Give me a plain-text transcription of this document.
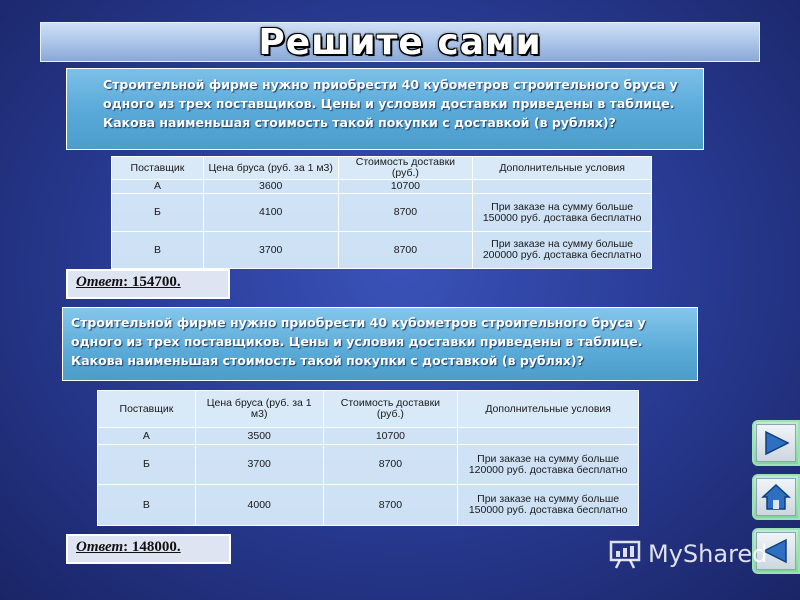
Решите сами
Строительной фирме нужно приобрести 40 кубометров строительного бруса у
одного из трех поставщиков. Цены и условия доставки приведены в таблице.
Какова наименьшая стоимость такой покупки с доставкой (в рублях)?
Поставщик	Цена бруса (руб. за 1 м3)	Стоимость доставки (руб.)	Дополнительные условия
А	3600	10700	
Б	4100	8700	При заказе на сумму больше 150000 руб. доставка бесплатно
В	3700	8700	При заказе на сумму больше 200000 руб. доставка бесплатно
Ответ: 154700.
Строительной фирме нужно приобрести 40 кубометров строительного бруса у
одного из трех поставщиков. Цены и условия доставки приведены в таблице.
Какова наименьшая стоимость такой покупки с доставкой (в рублях)?
Поставщик	Цена бруса (руб. за 1 м3)	Стоимость доставки (руб.)	Дополнительные условия
А	3500	10700	
Б	3700	8700	При заказе на сумму больше 120000 руб. доставка бесплатно
В	4000	8700	При заказе на сумму больше 150000 руб. доставка бесплатно
Ответ: 148000.	MyShared
